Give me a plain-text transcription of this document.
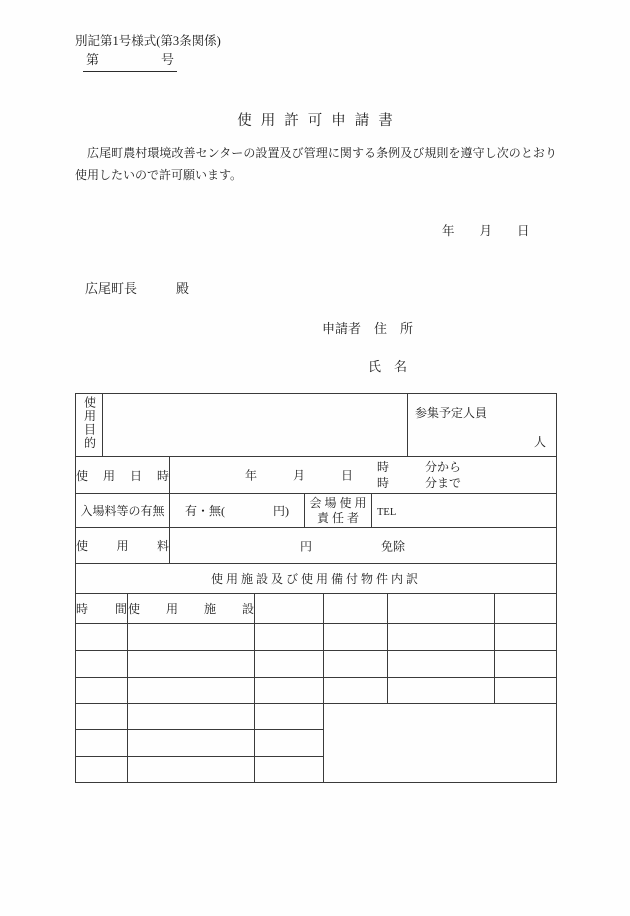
別記第1号様式(第3条関係)
第	号
使用許可申請書
広尾町農村環境改善センターの設置及び管理に関する条例及び規則を遵守し次のとおり使用したいので許可願います。
年　　月　　日
広尾町長　　　殿
申請者　住　所
氏　名
使用目的									参集予定人員
人	

使用日時			年　　　月　　　日
時　　　分から
時　　　分まで							

入場料等の有無			有・無(　　　　円)		会 場 使 用
責 任 者		TEL			

使用料			円 免除							

使用施設及び使用備付物件内訳										
時間		使用施設								
